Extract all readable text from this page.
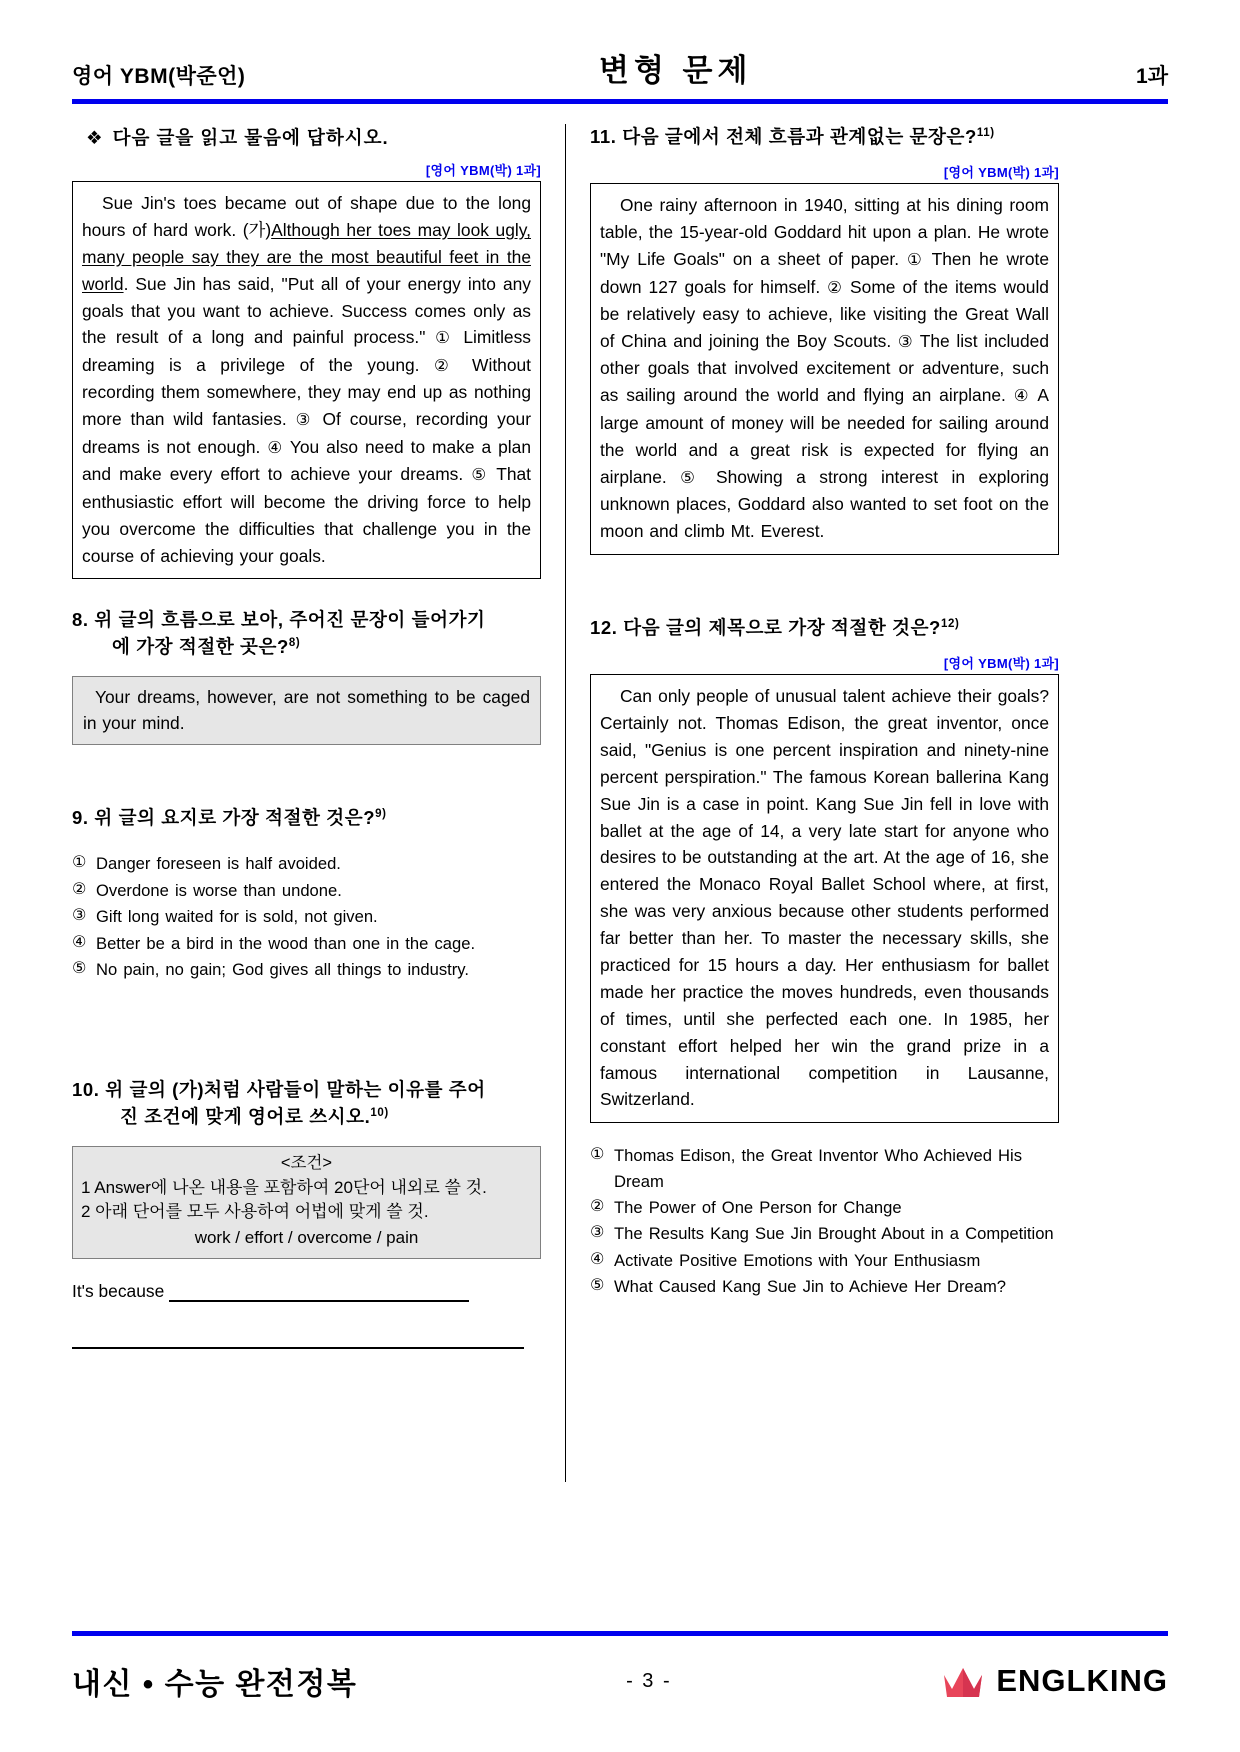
영어 YBM(박준언)	변형 문제	1과
❖ 다음 글을 읽고 물음에 답하시오.
[영어 YBM(박) 1과]
Sue Jin's toes became out of shape due to the long hours of hard work. (가)Although her toes may look ugly, many people say they are the most beautiful feet in the world. Sue Jin has said, "Put all of your energy into any goals that you want to achieve. Success comes only as the result of a long and painful process." ① Limitless dreaming is a privilege of the young. ② Without recording them somewhere, they may end up as nothing more than wild fantasies. ③ Of course, recording your dreams is not enough. ④ You also need to make a plan and make every effort to achieve your dreams. ⑤ That enthusiastic effort will become the driving force to help you overcome the difficulties that challenge you in the course of achieving your goals.
8. 위 글의 흐름으로 보아, 주어진 문장이 들어가기
에 가장 적절한 곳은?$^{8)}$
Your dreams, however, are not something to be caged in your mind.
9. 위 글의 요지로 가장 적절한 것은?$^{9)}$
① Danger foreseen is half avoided.
② Overdone is worse than undone.
③ Gift long waited for is sold, not given.
④ Better be a bird in the wood than one in the cage.
⑤ No pain, no gain; God gives all things to industry.
10. 위 글의 (가)처럼 사람들이 말하는 이유를 주어
진 조건에 맞게 영어로 쓰시오.$^{10)}$
<조건>
1 Answer에 나온 내용을 포함하여 20단어 내외로 쓸 것.
2 아래 단어를 모두 사용하여 어법에 맞게 쓸 것.
work / effort / overcome / pain
It's because
11. 다음 글에서 전체 흐름과 관계없는 문장은?$^{11)}$
[영어 YBM(박) 1과]
One rainy afternoon in 1940, sitting at his dining room table, the 15-year-old Goddard hit upon a plan. He wrote "My Life Goals" on a sheet of paper. ① Then he wrote down 127 goals for himself. ② Some of the items would be relatively easy to achieve, like visiting the Great Wall of China and joining the Boy Scouts. ③ The list included other goals that involved excitement or adventure, such as sailing around the world and flying an airplane. ④ A large amount of money will be needed for sailing around the world and a great risk is expected for flying an airplane. ⑤ Showing a strong interest in exploring unknown places, Goddard also wanted to set foot on the moon and climb Mt. Everest.
12. 다음 글의 제목으로 가장 적절한 것은?$^{12)}$
[영어 YBM(박) 1과]
Can only people of unusual talent achieve their goals? Certainly not. Thomas Edison, the great inventor, once said, "Genius is one percent inspiration and ninety-nine percent perspiration." The famous Korean ballerina Kang Sue Jin is a case in point. Kang Sue Jin fell in love with ballet at the age of 14, a very late start for anyone who desires to be outstanding at the art. At the age of 16, she entered the Monaco Royal Ballet School where, at first, she was very anxious because other students performed far better than her. To master the necessary skills, she practiced for 15 hours a day. Her enthusiasm for ballet made her practice the moves hundreds, even thousands of times, until she perfected each one. In 1985, her constant effort helped her win the grand prize in a famous international competition in Lausanne, Switzerland.
① Thomas Edison, the Great Inventor Who Achieved His Dream
② The Power of One Person for Change
③ The Results Kang Sue Jin Brought About in a Competition
④ Activate Positive Emotions with Your Enthusiasm
⑤ What Caused Kang Sue Jin to Achieve Her Dream?
내신 • 수능 완전정복	- 3 -	ENGLKING
